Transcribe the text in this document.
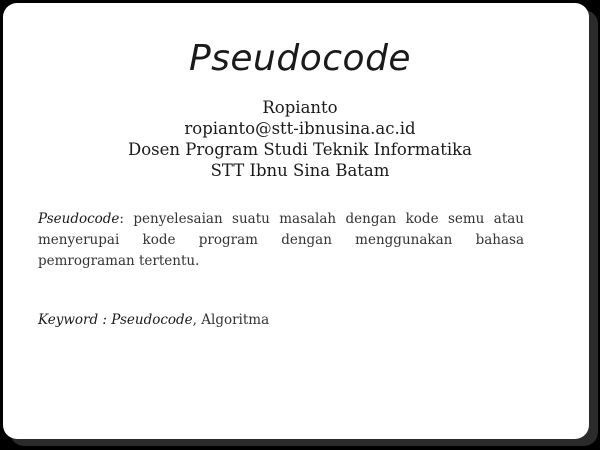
Pseudocode
Ropianto
ropianto@stt-ibnusina.ac.id
Dosen Program Studi Teknik Informatika
STT Ibnu Sina Batam
Pseudocode: penyelesaian suatu masalah dengan kode semu atau menyerupai kode program dengan menggunakan bahasa pemrograman tertentu.
Keyword : Pseudocode, Algoritma
